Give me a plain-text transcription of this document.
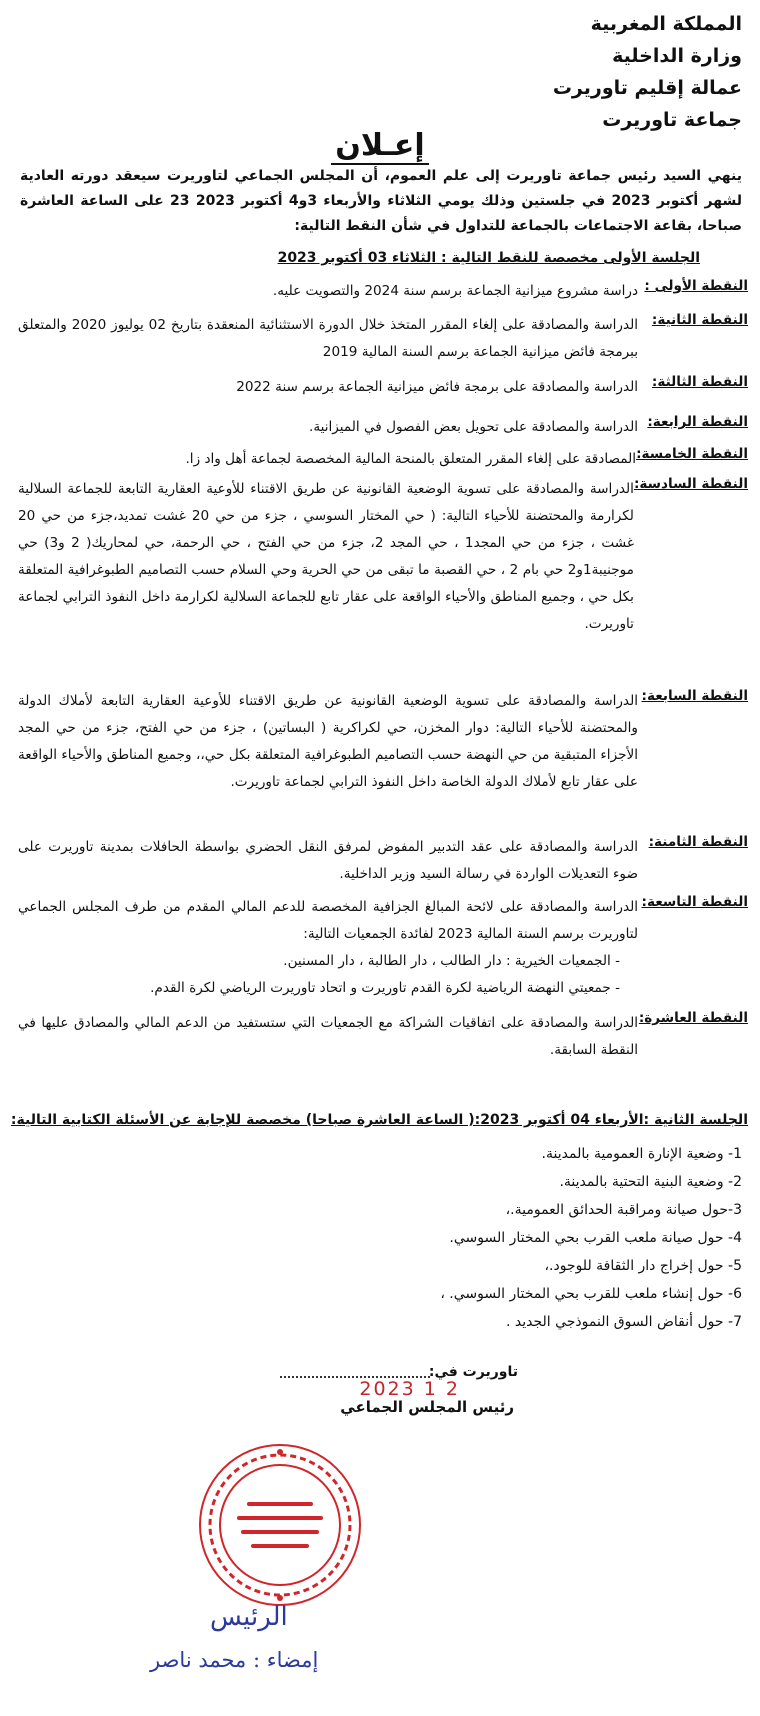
المملكة المغربية
وزارة الداخلية
عمالة إقليم تاوريرت
جماعة تاوريرت
إعـلان
ينهي السيد رئيس جماعة تاوريرت إلى علم العموم، أن المجلس الجماعي لتاوريرت سيعقد دورته العادية لشهر أكتوبر 2023 في جلستين وذلك يومي الثلاثاء والأربعاء 3و4 أكتوبر 2023 23 على الساعة العاشرة صباحا، بقاعة الاجتماعات بالجماعة للتداول في شأن النقط التالية:
الجلسة الأولى مخصصة للنقط التالية : الثلاثاء 03 أكتوبر 2023
النقطة الأولى :
دراسة مشروع ميزانية الجماعة برسم سنة 2024 والتصويت عليه.
النقطة الثانية:
الدراسة والمصادقة على إلغاء المقرر المتخذ خلال الدورة الاستثنائية المنعقدة بتاريخ 02 يوليوز 2020 والمتعلق ببرمجة فائض ميزانية الجماعة برسم السنة المالية 2019
النقطة الثالثة:
الدراسة والمصادقة على برمجة فائض ميزانية الجماعة برسم سنة 2022
النقطة الرابعة:
الدراسة والمصادقة على تحويل بعض الفصول في الميزانية.
النقطة الخامسة:
المصادقة على إلغاء المقرر المتعلق بالمنحة المالية المخصصة لجماعة أهل واد زا.
النقطة السادسة:
الدراسة والمصادقة على تسوية الوضعية القانونية عن طريق الاقتناء للأوعية العقارية التابعة للجماعة السلالية لكرارمة والمحتضنة للأحياء التالية: ( حي المختار السوسي ، جزء من حي 20 غشت تمديد،جزء من حي 20 غشت ، جزء من حي المجد1 ، حي المجد 2، جزء من حي الفتح ، حي الرحمة، حي لمحاريك( 2 و3) حي موجنيبة1و2 حي بام 2 ، حي القصبة ما تبقى من حي الحرية وحي السلام حسب التصاميم الطبوغرافية المتعلقة بكل حي ، وجميع المناطق والأحياء الواقعة على عقار تابع للجماعة السلالية لكرارمة داخل النفوذ الترابي لجماعة تاوريرت.
النقطة السابعة:
الدراسة والمصادقة على تسوية الوضعية القانونية عن طريق الاقتناء للأوعية العقارية التابعة لأملاك الدولة والمحتضنة للأحياء التالية: دوار المخزن، حي لكراكرية ( البساتين) ، جزء من حي الفتح، جزء من حي المجد الأجزاء المتبقية من حي النهضة حسب التصاميم الطبوغرافية المتعلقة بكل حي،، وجميع المناطق والأحياء الواقعة على عقار تابع لأملاك الدولة الخاصة داخل النفوذ الترابي لجماعة تاوريرت.
النقطة الثامنة:
الدراسة والمصادقة على عقد التدبير المفوض لمرفق النقل الحضري بواسطة الحافلات بمدينة تاوريرت على ضوء التعديلات الواردة في رسالة السيد وزير الداخلية.
النقطة التاسعة:
الدراسة والمصادقة على لائحة المبالغ الجزافية المخصصة للدعم المالي المقدم من طرف المجلس الجماعي لتاوريرت برسم السنة المالية 2023 لفائدة الجمعيات التالية:
- الجمعيات الخيرية : دار الطالب ، دار الطالبة ، دار المسنين.
- جمعيتي النهضة الرياضية لكرة القدم تاوريرت و اتحاد تاوريرت الرياضي لكرة القدم.
النقطة العاشرة:
الدراسة والمصادقة على اتفاقيات الشراكة مع الجمعيات التي ستستفيد من الدعم المالي والمصادق عليها في النقطة السابقة.
الجلسة الثانية :الأربعاء 04 أكتوبر 2023:( الساعة العاشرة صباحا) مخصصة للإجابة عن الأسئلة الكتابية التالية:
1- وضعية الإنارة العمومية بالمدينة.
2- وضعية البنية التحتية بالمدينة.
3-حول صيانة ومراقبة الحدائق العمومية.،
4- حول صيانة ملعب القرب بحي المختار السوسي.
5- حول إخراج دار الثقافة للوجود.،
6- حول إنشاء ملعب للقرب بحي المختار السوسي. ،
7- حول أنقاض السوق النموذجي الجديد .
تاوريرت في:
2 1 2023
رئيس المجلس الجماعي
الرئيس
إمضاء : محمد ناصر
